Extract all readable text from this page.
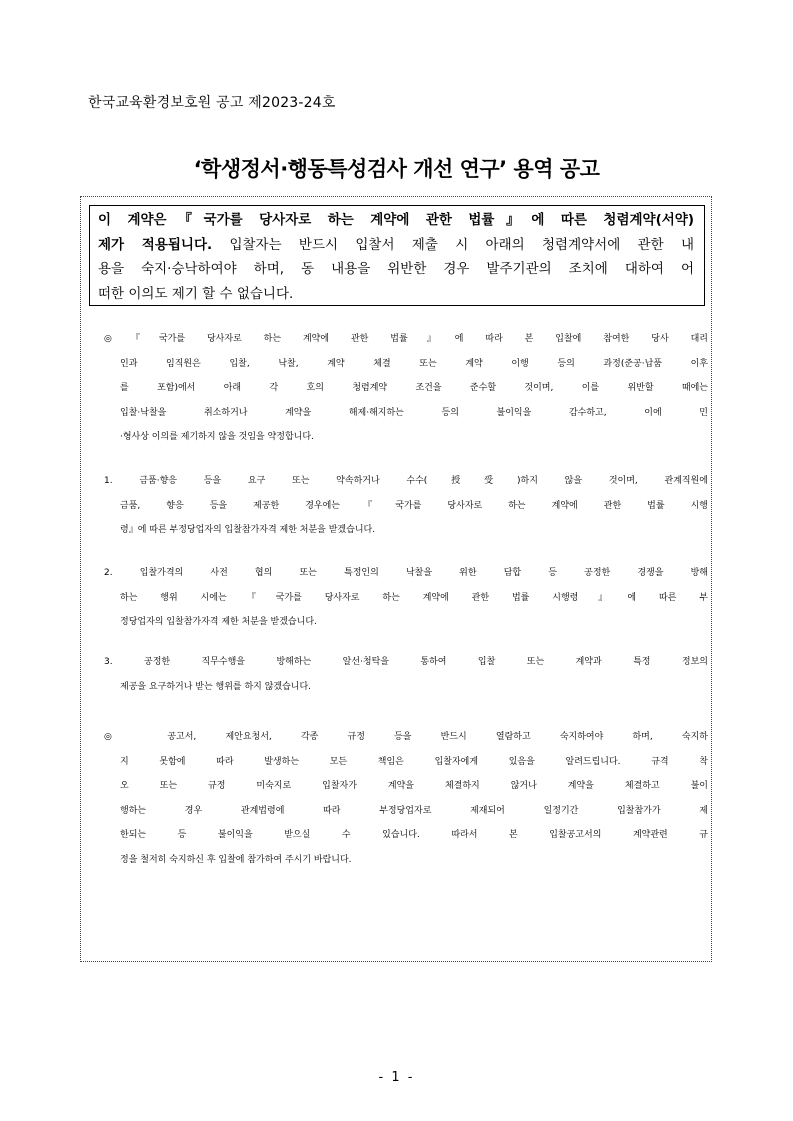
한국교육환경보호원 공고 제2023-24호
‘학생정서·행동특성검사 개선 연구’ 용역 공고

이 계약은『국가를 당사자로 하는 계약에 관한 법률』에 따른 청렴계약(서약)

제가 적용됩니다. 입찰자는 반드시 입찰서 제출 시 아래의 청렴계약서에 관한 내

용을 숙지·승낙하여야 하며, 동 내용을 위반한 경우 발주기관의 조치에 대하여 어

떠한 이의도 제기 할 수 없습니다.

◎『국가를 당사자로 하는 계약에 관한 법률』에 따라 본 입찰에 참여한 당사 대리
인과 임직원은 입찰, 낙찰, 계약 체결 또는 계약 이행 등의 과정(준공·납품 이후
를 포함)에서 아래 각 호의 청렴계약 조건을 준수할 것이며, 이를 위반할 때에는
입찰·낙찰을 취소하거나 계약을 해제·해지하는 등의 불이익을 감수하고, 이에 민
·형사상 이의를 제기하지 않을 것임을 약정합니다.
1. 금품·향응 등을 요구 또는 약속하거나 수수(授受)하지 않을 것이며, 관계직원에
금품, 향응 등을 제공한 경우에는『국가를 당사자로 하는 계약에 관한 법률 시행
령』에 따른 부정당업자의 입찰참가자격 제한 처분을 받겠습니다.
2. 입찰가격의 사전 협의 또는 특정인의 낙찰을 위한 담합 등 공정한 경쟁을 방해
하는 행위 시에는『국가를 당사자로 하는 계약에 관한 법률 시행령』에 따른 부
정당업자의 입찰참가자격 제한 처분을 받겠습니다.
3. 공정한 직무수행을 방해하는 알선·청탁을 통하여 입찰 또는 계약과 특정 정보의
제공을 요구하거나 받는 행위를 하지 않겠습니다.
◎ 공고서, 제안요청서, 각종 규정 등을 반드시 열람하고 숙지하여야 하며, 숙지하
지 못함에 따라 발생하는 모든 책임은 입찰자에게 있음을 알려드립니다. 규격 착
오 또는 규정 미숙지로 입찰자가 계약을 체결하지 않거나 계약을 체결하고 불이
행하는 경우 관계법령에 따라 부정당업자로 제재되어 일정기간 입찰참가가 제
한되는 등 불이익을 받으실 수 있습니다. 따라서 본 입찰공고서의 계약관련 규
정을 철저히 숙지하신 후 입찰에 참가하여 주시기 바랍니다.
- 1 -
